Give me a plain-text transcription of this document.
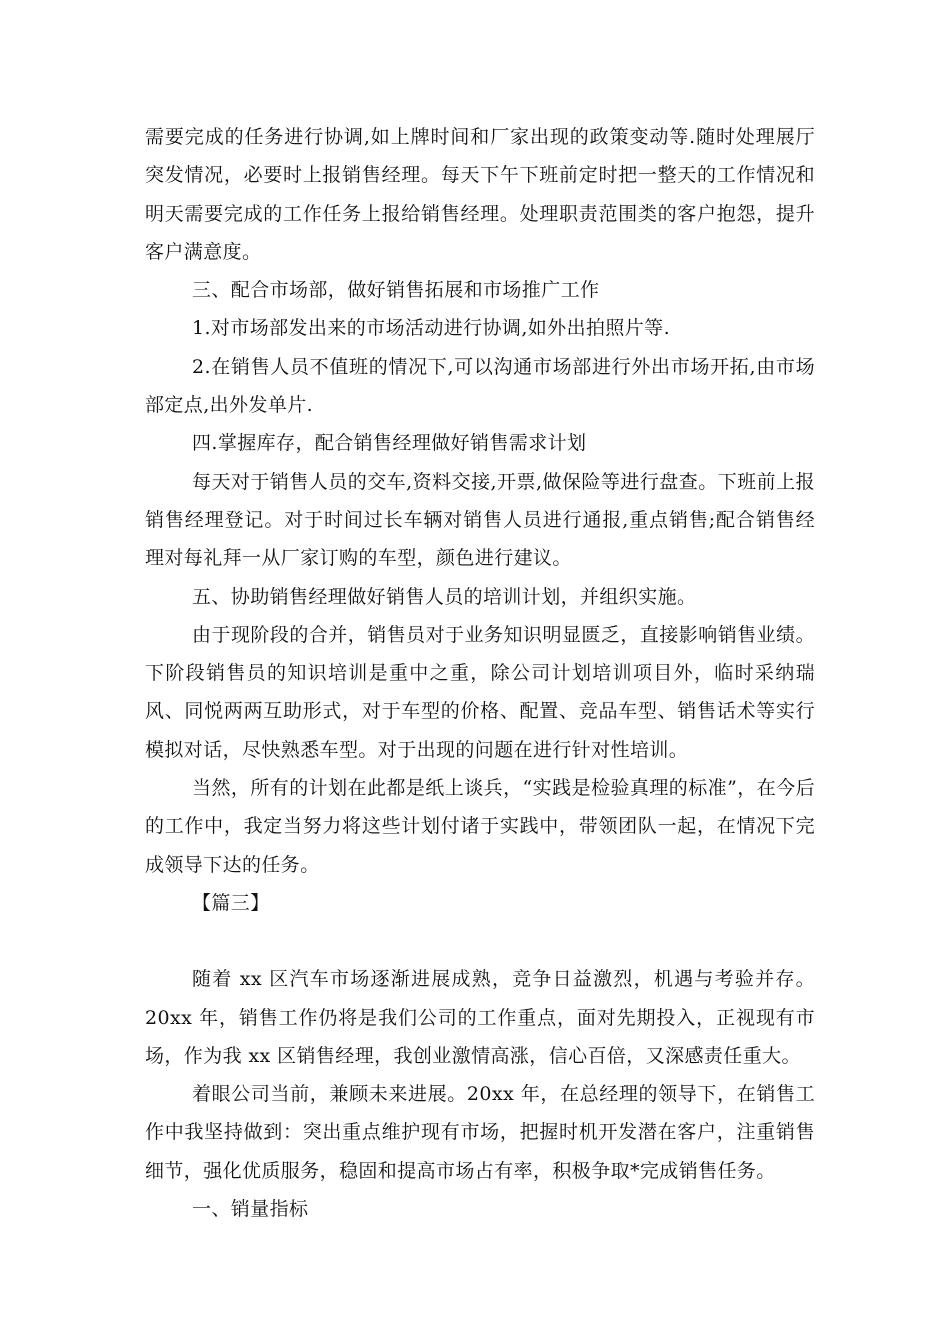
需要完成的任务进行协调,如上牌时间和厂家出现的政策变动等.随时处理展厅突发情况，必要时上报销售经理。每天下午下班前定时把一整天的工作情况和明天需要完成的工作任务上报给销售经理。处理职责范围类的客户抱怨，提升客户满意度。

三、配合市场部，做好销售拓展和市场推广工作

1.对市场部发出来的市场活动进行协调,如外出拍照片等.

2.在销售人员不值班的情况下,可以沟通市场部进行外出市场开拓,由市场部定点,出外发单片.

四.掌握库存，配合销售经理做好销售需求计划

每天对于销售人员的交车,资料交接,开票,做保险等进行盘查。下班前上报销售经理登记。对于时间过长车辆对销售人员进行通报,重点销售;配合销售经理对每礼拜一从厂家订购的车型，颜色进行建议。

五、协助销售经理做好销售人员的培训计划，并组织实施。

由于现阶段的合并，销售员对于业务知识明显匮乏，直接影响销售业绩。下阶段销售员的知识培训是重中之重，除公司计划培训项目外，临时采纳瑞风、同悦两两互助形式，对于车型的价格、配置、竞品车型、销售话术等实行模拟对话，尽快熟悉车型。对于出现的问题在进行针对性培训。

当然，所有的计划在此都是纸上谈兵，“实践是检验真理的标准”，在今后的工作中，我定当努力将这些计划付诸于实践中，带领团队一起，在情况下完成领导下达的任务。

【篇三】

随着 xx 区汽车市场逐渐进展成熟，竞争日益激烈，机遇与考验并存。20xx 年，销售工作仍将是我们公司的工作重点，面对先期投入，正视现有市场，作为我 xx 区销售经理，我创业激情高涨，信心百倍，又深感责任重大。

着眼公司当前，兼顾未来进展。20xx 年，在总经理的领导下，在销售工作中我坚持做到：突出重点维护现有市场，把握时机开发潜在客户，注重销售细节，强化优质服务，稳固和提高市场占有率，积极争取*完成销售任务。

一、销量指标
